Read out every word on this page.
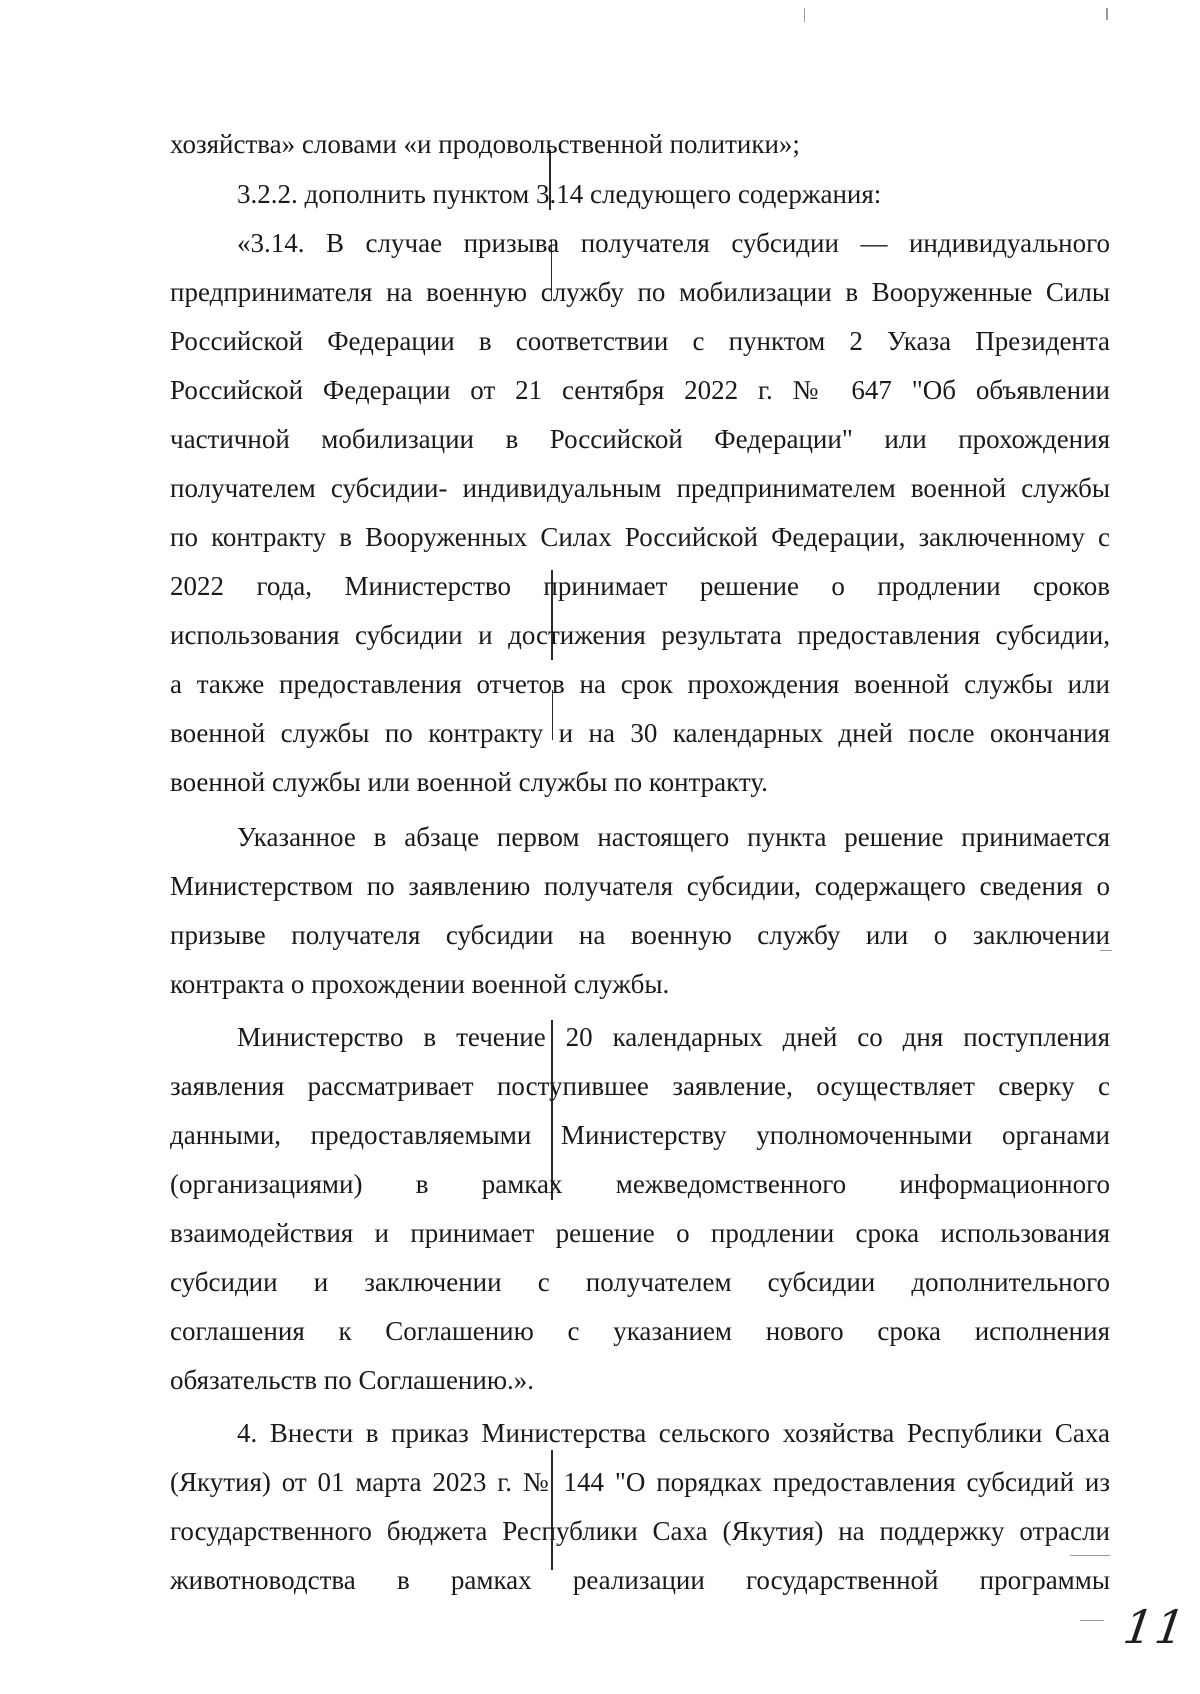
хозяйства» словами «и продовольственной политики»;
3.2.2. дополнить пунктом 3.14 следующего содержания:
«3.14. В случае призыва получателя субсидии — индивидуального
предпринимателя на военную службу по мобилизации в Вооруженные Силы
Российской Федерации в соответствии с пунктом 2 Указа Президента
Российской Федерации от 21 сентября 2022 г. № 647 "Об объявлении
частичной мобилизации в Российской Федерации" или прохождения
получателем субсидии- индивидуальным предпринимателем военной службы
по контракту в Вооруженных Силах Российской Федерации, заключенному с
2022 года, Министерство принимает решение о продлении сроков
использования субсидии и достижения результата предоставления субсидии,
а также предоставления отчетов на срок прохождения военной службы или
военной службы по контракту и на 30 календарных дней после окончания
военной службы или военной службы по контракту.
Указанное в абзаце первом настоящего пункта решение принимается
Министерством по заявлению получателя субсидии, содержащего сведения о
призыве получателя субсидии на военную службу или о заключении
контракта о прохождении военной службы.
Министерство в течение 20 календарных дней со дня поступления
заявления рассматривает поступившее заявление, осуществляет сверку с
данными, предоставляемыми Министерству уполномоченными органами
(организациями) в рамках межведомственного информационного
взаимодействия и принимает решение о продлении срока использования
субсидии и заключении с получателем субсидии дополнительного
соглашения к Соглашению с указанием нового срока исполнения
обязательств по Соглашению.».
4. Внести в приказ Министерства сельского хозяйства Республики Саха
(Якутия) от 01 марта 2023 г. № 144 "О порядках предоставления субсидий из
государственного бюджета Республики Саха (Якутия) на поддержку отрасли
животноводства в рамках реализации государственной программы
11
